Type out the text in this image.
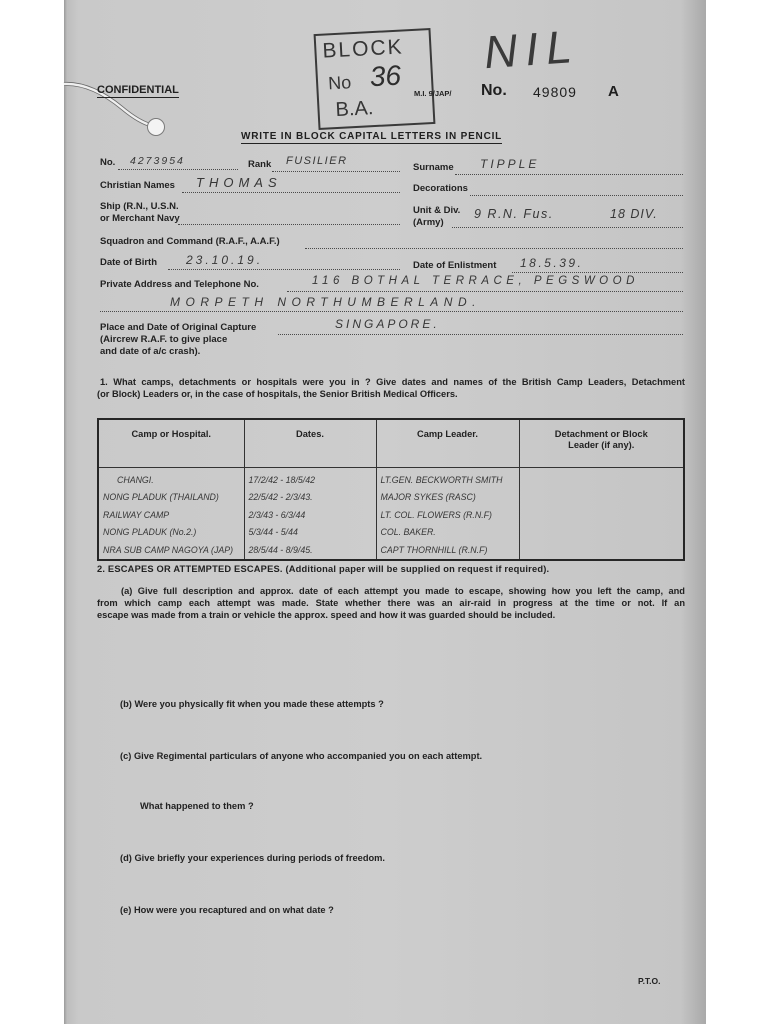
BLOCK
No 36
B.A.
NIL
CONFIDENTIAL	M.I. 9/JAP/ No. 49809 A
WRITE IN BLOCK CAPITAL LETTERS IN PENCIL
No. 4273954	Rank FUSILIER
Surname TIPPLE
Christian Names THOMAS	Decorations
Ship (R.N., U.S.N.
or Merchant Navy
Unit & Div.
(Army)
9 R.N. Fus.	18 DIV.
Squadron and Command (R.A.F., A.A.F.)
Date of Birth 23.10.19.	Date of Enlistment 18.5.39.
Private Address and Telephone No.	116 BOTHAL TERRACE, PEGSWOOD
MORPETH NORTHUMBERLAND.
Place and Date of Original Capture	SINGAPORE.
(Aircrew R.A.F. to give place
and date of a/c crash).
1. What camps, detachments or hospitals were you in ? Give dates and names of the British Camp Leaders, Detachment
(or Block) Leaders or, in the case of hospitals, the Senior British Medical Officers.
Camp or Hospital.	Dates.	Camp Leader.	Detachment or Block Leader (if any).
CHANGI.	17/2/42 - 18/5/42	LT.GEN. BECKWORTH SMITH	
NONG PLADUK (THAILAND)	22/5/42 - 2/3/43.	MAJOR SYKES (RASC)	
RAILWAY CAMP	2/3/43 - 6/3/44	LT. COL. FLOWERS (R.N.F)	
NONG PLADUK (No.2.)	5/3/44 - 5/44	COL. BAKER.	
NRA SUB CAMP NAGOYA (JAP)	28/5/44 - 8/9/45.	CAPT THORNHILL (R.N.F)	
2. ESCAPES OR ATTEMPTED ESCAPES. (Additional paper will be supplied on request if required).
(a) Give full description and approx. date of each attempt you made to escape, showing how you left the camp, and
from which camp each attempt was made. State whether there was an air-raid in progress at the time or not. If an
escape was made from a train or vehicle the approx. speed and how it was guarded should be included.
(b) Were you physically fit when you made these attempts ?
(c) Give Regimental particulars of anyone who accompanied you on each attempt.
What happened to them ?
(d) Give briefly your experiences during periods of freedom.
(e) How were you recaptured and on what date ?
P.T.O.
